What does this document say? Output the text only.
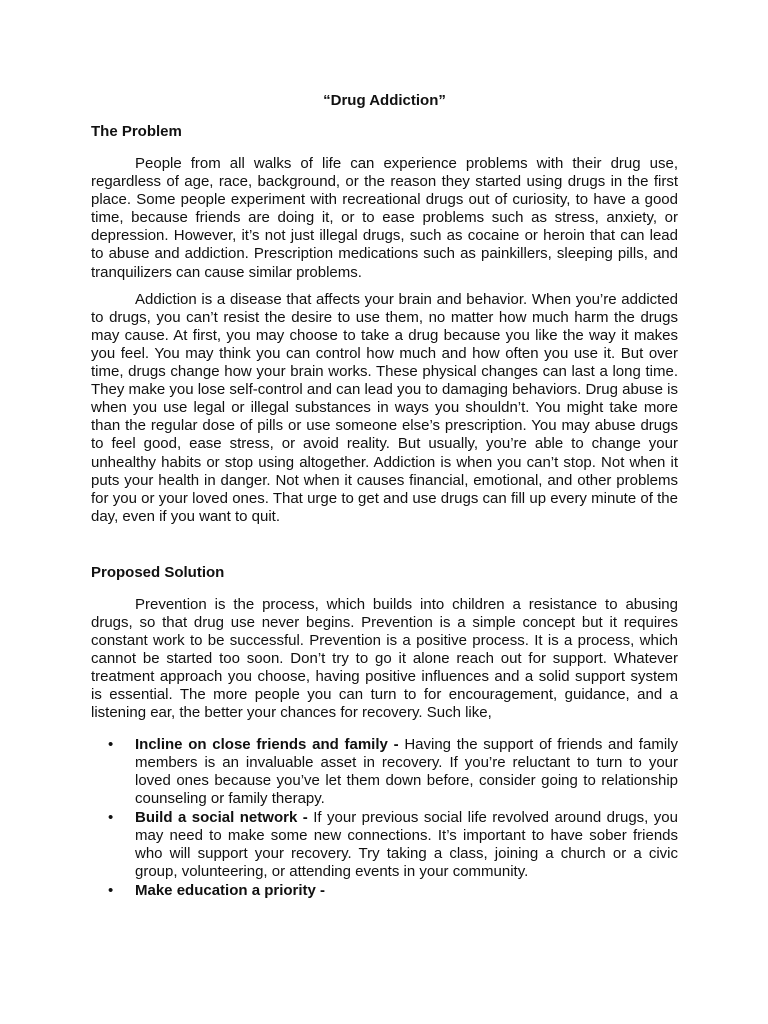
“Drug Addiction”
The Problem

People from all walks of life can experience problems with their drug use, regardless of age, race, background, or the reason they started using drugs in the first place. Some people experiment with recreational drugs out of curiosity, to have a good time, because friends are doing it, or to ease problems such as stress, anxiety, or depression. However, it’s not just illegal drugs, such as cocaine or heroin that can lead to abuse and addiction. Prescription medications such as painkillers, sleeping pills, and tranquilizers can cause similar problems.

Addiction is a disease that affects your brain and behavior. When you’re addicted to drugs, you can’t resist the desire to use them, no matter how much harm the drugs may cause. At first, you may choose to take a drug because you like the way it makes you feel. You may think you can control how much and how often you use it. But over time, drugs change how your brain works. These physical changes can last a long time. They make you lose self-control and can lead you to damaging behaviors. Drug abuse is when you use legal or illegal substances in ways you shouldn’t. You might take more than the regular dose of pills or use someone else’s prescription. You may abuse drugs to feel good, ease stress, or avoid reality. But usually, you’re able to change your unhealthy habits or stop using altogether. Addiction is when you can’t stop. Not when it puts your health in danger. Not when it causes financial, emotional, and other problems for you or your loved ones. That urge to get and use drugs can fill up every minute of the day, even if you want to quit.

Proposed Solution

Prevention is the process, which builds into children a resistance to abusing drugs, so that drug use never begins. Prevention is a simple concept but it requires constant work to be successful. Prevention is a positive process. It is a process, which cannot be started too soon. Don’t try to go it alone reach out for support. Whatever treatment approach you choose, having positive influences and a solid support system is essential. The more people you can turn to for encouragement, guidance, and a listening ear, the better your chances for recovery. Such like,

• Incline on close friends and family - Having the support of friends and family members is an invaluable asset in recovery. If you’re reluctant to turn to your loved ones because you’ve let them down before, consider going to relationship counseling or family therapy.
• Build a social network - If your previous social life revolved around drugs, you may need to make some new connections. It’s important to have sober friends who will support your recovery. Try taking a class, joining a church or a civic group, volunteering, or attending events in your community.
• Make education a priority -
